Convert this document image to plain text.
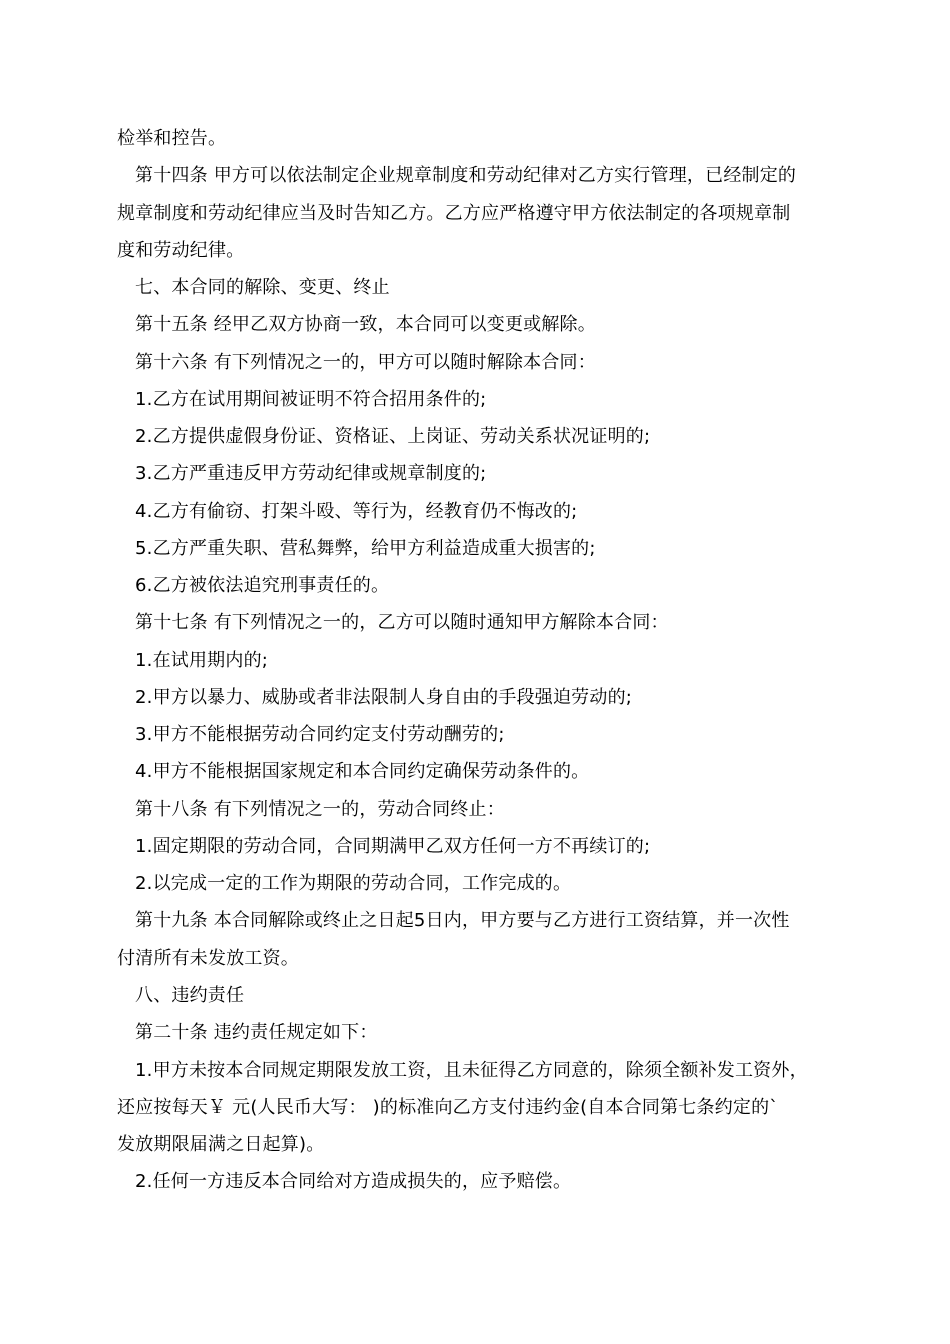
检举和控告。
第十四条 甲方可以依法制定企业规章制度和劳动纪律对乙方实行管理，已经制定的
规章制度和劳动纪律应当及时告知乙方。乙方应严格遵守甲方依法制定的各项规章制
度和劳动纪律。
七、本合同的解除、变更、终止
第十五条 经甲乙双方协商一致，本合同可以变更或解除。
第十六条 有下列情况之一的，甲方可以随时解除本合同：
1.乙方在试用期间被证明不符合招用条件的;
2.乙方提供虚假身份证、资格证、上岗证、劳动关系状况证明的;
3.乙方严重违反甲方劳动纪律或规章制度的;
4.乙方有偷窃、打架斗殴、等行为，经教育仍不悔改的;
5.乙方严重失职、营私舞弊，给甲方利益造成重大损害的;
6.乙方被依法追究刑事责任的。
第十七条 有下列情况之一的，乙方可以随时通知甲方解除本合同：
1.在试用期内的;
2.甲方以暴力、威胁或者非法限制人身自由的手段强迫劳动的;
3.甲方不能根据劳动合同约定支付劳动酬劳的;
4.甲方不能根据国家规定和本合同约定确保劳动条件的。
第十八条 有下列情况之一的，劳动合同终止：
1.固定期限的劳动合同，合同期满甲乙双方任何一方不再续订的;
2.以完成一定的工作为期限的劳动合同，工作完成的。
第十九条 本合同解除或终止之日起5日内，甲方要与乙方进行工资结算，并一次性
付清所有未发放工资。
八、违约责任
第二十条 违约责任规定如下：
1.甲方未按本合同规定期限发放工资，且未征得乙方同意的，除须全额补发工资外，
还应按每天￥ 元(人民币大写： )的标准向乙方支付违约金(自本合同第七条约定的`
发放期限届满之日起算)。
2.任何一方违反本合同给对方造成损失的，应予赔偿。
